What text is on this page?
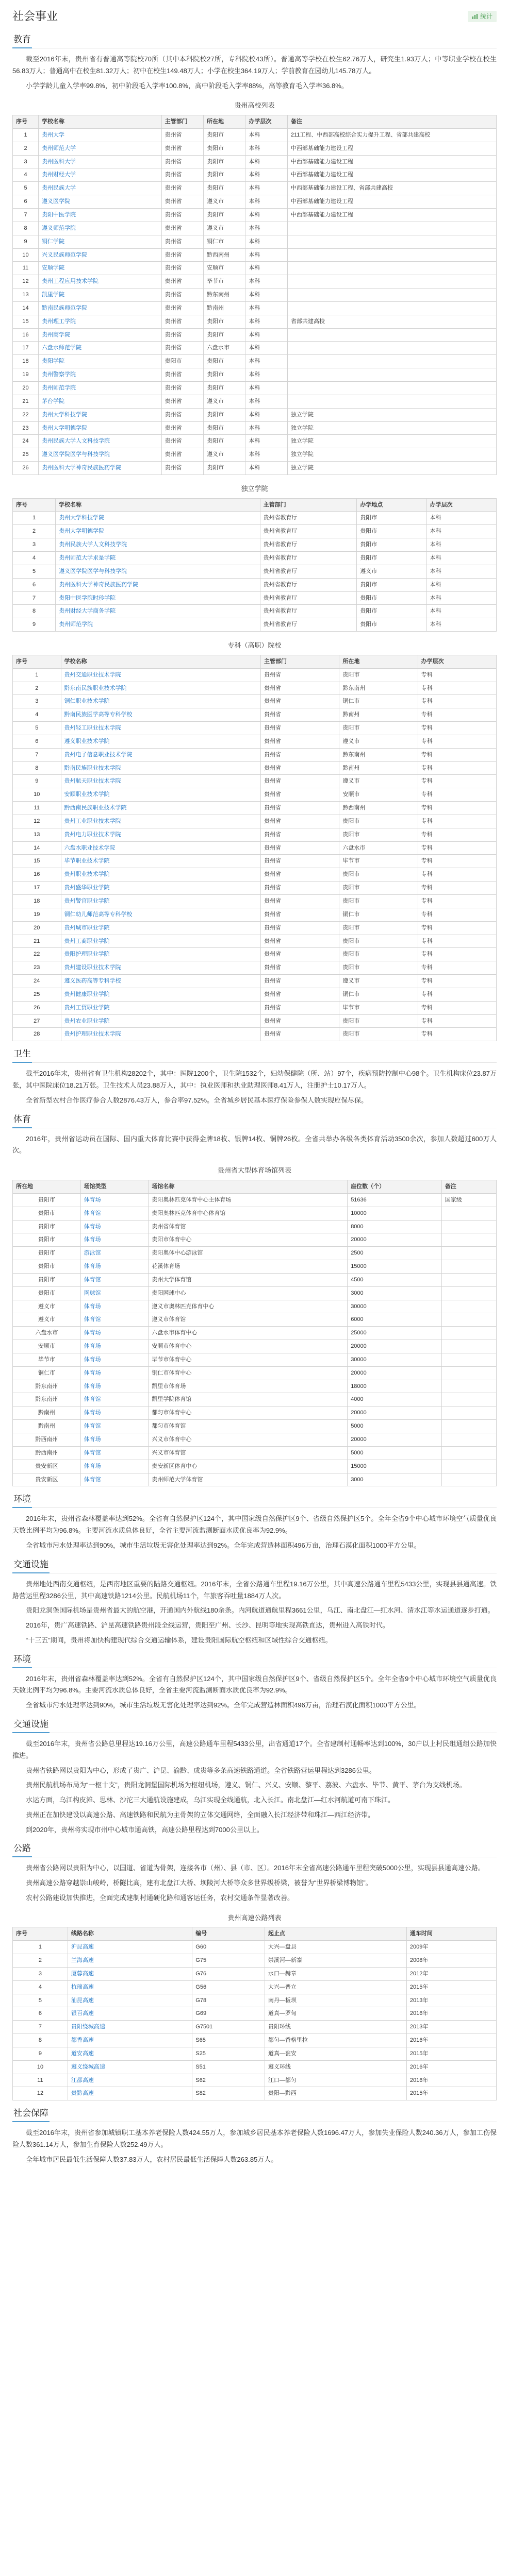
社会事业	统计
教育

截至2016年末，贵州省有普通高等院校70所（其中本科院校27所，专科院校43所）。普通高等学校在校生62.76万人，研究生1.93万人；中等职业学校在校生56.83万人；普通高中在校生81.32万人；初中在校生149.48万人；小学在校生364.19万人；学前教育在园幼儿145.78万人。

小学学龄儿童入学率99.8%，初中阶段毛入学率100.8%，高中阶段毛入学率88%，高等教育毛入学率36.8%。

贵州高校列表
序号	学校名称	主管部门	所在地	办学层次	备注
1	贵州大学	贵州省	贵阳市	本科	211工程、中西部高校综合实力提升工程、省部共建高校
2	贵州师范大学	贵州省	贵阳市	本科	中西部基础能力建设工程
3	贵州医科大学	贵州省	贵阳市	本科	中西部基础能力建设工程
4	贵州财经大学	贵州省	贵阳市	本科	中西部基础能力建设工程
5	贵州民族大学	贵州省	贵阳市	本科	中西部基础能力建设工程、省部共建高校
6	遵义医学院	贵州省	遵义市	本科	中西部基础能力建设工程
7	贵阳中医学院	贵州省	贵阳市	本科	中西部基础能力建设工程
8	遵义师范学院	贵州省	遵义市	本科	
9	铜仁学院	贵州省	铜仁市	本科	
10	兴义民族师范学院	贵州省	黔西南州	本科	
11	安顺学院	贵州省	安顺市	本科	
12	贵州工程应用技术学院	贵州省	毕节市	本科	
13	凯里学院	贵州省	黔东南州	本科	
14	黔南民族师范学院	贵州省	黔南州	本科	
15	贵州理工学院	贵州省	贵阳市	本科	省部共建高校
16	贵州商学院	贵州省	贵阳市	本科	
17	六盘水师范学院	贵州省	六盘水市	本科	
18	贵阳学院	贵阳市	贵阳市	本科	
19	贵州警察学院	贵州省	贵阳市	本科	
20	贵州师范学院	贵州省	贵阳市	本科	
21	茅台学院	贵州省	遵义市	本科	
22	贵州大学科技学院	贵州省	贵阳市	本科	独立学院
23	贵州大学明德学院	贵州省	贵阳市	本科	独立学院
24	贵州民族大学人文科技学院	贵州省	贵阳市	本科	独立学院
25	遵义医学院医学与科技学院	贵州省	遵义市	本科	独立学院
26	贵州医科大学神奇民族医药学院	贵州省	贵阳市	本科	独立学院
独立学院
序号	学校名称	主管部门	办学地点	办学层次
1	贵州大学科技学院	贵州省教育厅	贵阳市	本科
2	贵州大学明德学院	贵州省教育厅	贵阳市	本科
3	贵州民族大学人文科技学院	贵州省教育厅	贵阳市	本科
4	贵州师范大学求是学院	贵州省教育厅	贵阳市	本科
5	遵义医学院医学与科技学院	贵州省教育厅	遵义市	本科
6	贵州医科大学神奇民族医药学院	贵州省教育厅	贵阳市	本科
7	贵阳中医学院时珍学院	贵州省教育厅	贵阳市	本科
8	贵州财经大学商务学院	贵州省教育厅	贵阳市	本科
9	贵州师范学院	贵州省教育厅	贵阳市	本科
专科（高职）院校
序号	学校名称	主管部门	所在地	办学层次
1	贵州交通职业技术学院	贵州省	贵阳市	专科
2	黔东南民族职业技术学院	贵州省	黔东南州	专科
3	铜仁职业技术学院	贵州省	铜仁市	专科
4	黔南民族医学高等专科学校	贵州省	黔南州	专科
5	贵州轻工职业技术学院	贵州省	贵阳市	专科
6	遵义职业技术学院	贵州省	遵义市	专科
7	贵州电子信息职业技术学院	贵州省	黔东南州	专科
8	黔南民族职业技术学院	贵州省	黔南州	专科
9	贵州航天职业技术学院	贵州省	遵义市	专科
10	安顺职业技术学院	贵州省	安顺市	专科
11	黔西南民族职业技术学院	贵州省	黔西南州	专科
12	贵州工业职业技术学院	贵州省	贵阳市	专科
13	贵州电力职业技术学院	贵州省	贵阳市	专科
14	六盘水职业技术学院	贵州省	六盘水市	专科
15	毕节职业技术学院	贵州省	毕节市	专科
16	贵州职业技术学院	贵州省	贵阳市	专科
17	贵州盛华职业学院	贵州省	贵阳市	专科
18	贵州警官职业学院	贵州省	贵阳市	专科
19	铜仁幼儿师范高等专科学校	贵州省	铜仁市	专科
20	贵州城市职业学院	贵州省	贵阳市	专科
21	贵州工商职业学院	贵州省	贵阳市	专科
22	贵阳护理职业学院	贵州省	贵阳市	专科
23	贵州建设职业技术学院	贵州省	贵阳市	专科
24	遵义医药高等专科学校	贵州省	遵义市	专科
25	贵州健康职业学院	贵州省	铜仁市	专科
26	贵州工贸职业学院	贵州省	毕节市	专科
27	贵州农业职业学院	贵州省	贵阳市	专科
28	贵州护理职业技术学院	贵州省	贵阳市	专科
卫生

截至2016年末，贵州省有卫生机构28202个，其中：医院1200个，卫生院1532个，妇幼保健院（所、站）97个，疾病预防控制中心98个。卫生机构床位23.87万张，其中医院床位18.21万张。卫生技术人员23.88万人，其中：执业医师和执业助理医师8.41万人，注册护士10.17万人。

全省新型农村合作医疗参合人数2876.43万人，参合率97.52%。全省城乡居民基本医疗保险参保人数实现应保尽保。

体育

2016年，贵州省运动员在国际、国内重大体育比赛中获得金牌18枚、银牌14枚、铜牌26枚。全省共举办各级各类体育活动3500余次，参加人数超过600万人次。

贵州省大型体育场馆列表
所在地	场馆类型	场馆名称	座位数（个）	备注
贵阳市	体育场	贵阳奥林匹克体育中心主体育场	51636	国家级
贵阳市	体育馆	贵阳奥林匹克体育中心体育馆	10000	
贵阳市	体育场	贵州省体育馆	8000	
贵阳市	体育场	贵阳市体育中心	20000	
贵阳市	游泳馆	贵阳奥体中心游泳馆	2500	
贵阳市	体育场	花溪体育场	15000	
贵阳市	体育馆	贵州大学体育馆	4500	
贵阳市	网球馆	贵阳网球中心	3000	
遵义市	体育场	遵义市奥林匹克体育中心	30000	
遵义市	体育馆	遵义市体育馆	6000	
六盘水市	体育场	六盘水市体育中心	25000	
安顺市	体育场	安顺市体育中心	20000	
毕节市	体育场	毕节市体育中心	30000	
铜仁市	体育场	铜仁市体育中心	20000	
黔东南州	体育场	凯里市体育场	18000	
黔东南州	体育馆	凯里学院体育馆	4000	
黔南州	体育场	都匀市体育中心	20000	
黔南州	体育馆	都匀市体育馆	5000	
黔西南州	体育场	兴义市体育中心	20000	
黔西南州	体育馆	兴义市体育馆	5000	
贵安新区	体育场	贵安新区体育中心	15000	
贵安新区	体育馆	贵州师范大学体育馆	3000	
环境

2016年末，贵州省森林覆盖率达到52%。全省有自然保护区124个，其中国家级自然保护区9个、省级自然保护区5个。全年全省9个中心城市环境空气质量优良天数比例平均为96.8%。主要河流水质总体良好，全省主要河流监测断面水质优良率为92.9%。

全省城市污水处理率达到90%，城市生活垃圾无害化处理率达到92%。全年完成营造林面积496万亩，治理石漠化面积1000平方公里。

交通设施

贵州地处西南交通枢纽，是西南地区重要的陆路交通枢纽。2016年末，全省公路通车里程19.16万公里，其中高速公路通车里程5433公里，实现县县通高速。铁路营运里程3286公里，其中高速铁路1214公里。民航机场11个，年旅客吞吐量1884万人次。

贵阳龙洞堡国际机场是贵州省最大的航空港，开通国内外航线180余条。内河航道通航里程3661公里，乌江、南北盘江—红水河、清水江等水运通道逐步打通。

2016年，贵广高速铁路、沪昆高速铁路贵州段全线运营，贵阳至广州、长沙、昆明等地实现高铁直达，贵州进入高铁时代。

“十三五”期间，贵州将加快构建现代综合交通运输体系，建设贵阳国际航空枢纽和区域性综合交通枢纽。

环境

2016年末，贵州省森林覆盖率达到52%。全省有自然保护区124个，其中国家级自然保护区9个、省级自然保护区5个。全年全省9个中心城市环境空气质量优良天数比例平均为96.8%。主要河流水质总体良好，全省主要河流监测断面水质优良率为92.9%。

全省城市污水处理率达到90%，城市生活垃圾无害化处理率达到92%。全年完成营造林面积496万亩，治理石漠化面积1000平方公里。

交通设施

截至2016年末，贵州省公路总里程达19.16万公里，高速公路通车里程5433公里，出省通道17个。全省建制村通畅率达到100%，30户以上村民组通组公路加快推进。

贵州省铁路网以贵阳为中心，形成了贵广、沪昆、渝黔、成贵等多条高速铁路通道。全省铁路营运里程达到3286公里。

贵州民航机场布局为“一枢十支”，贵阳龙洞堡国际机场为枢纽机场，遵义、铜仁、兴义、安顺、黎平、荔波、六盘水、毕节、黄平、茅台为支线机场。

水运方面，乌江构皮滩、思林、沙沱三大通航设施建成，乌江实现全线通航，北入长江。南北盘江—红水河航道可南下珠江。

贵州正在加快建设以高速公路、高速铁路和民航为主骨架的立体交通网络，全面融入长江经济带和珠江—西江经济带。

到2020年，贵州将实现市州中心城市通高铁，高速公路里程达到7000公里以上。

公路

贵州省公路网以贵阳为中心，以国道、省道为骨架，连接各市（州）、县（市、区）。2016年末全省高速公路通车里程突破5000公里，实现县县通高速公路。

贵州高速公路穿越崇山峻岭，桥隧比高，建有北盘江大桥、坝陵河大桥等众多世界级桥梁，被誉为“世界桥梁博物馆”。

农村公路建设加快推进，全面完成建制村通硬化路和通客运任务，农村交通条件显著改善。

贵州高速公路列表
序号	线路名称	编号	起止点	通车时间
1	沪昆高速	G60	大兴—盘县	2009年
2	兰海高速	G75	崇溪河—新寨	2008年
3	厦蓉高速	G76	水口—赫章	2012年
4	杭瑞高速	G56	大兴—普立	2015年
5	汕昆高速	G78	南丹—板坝	2013年
6	银百高速	G69	道真—罗甸	2016年
7	贵阳绕城高速	G7501	贵阳环线	2013年
8	都香高速	S65	都匀—香格里拉	2016年
9	道安高速	S25	道真—瓮安	2015年
10	遵义绕城高速	S51	遵义环线	2016年
11	江都高速	S62	江口—都匀	2016年
12	贵黔高速	S82	贵阳—黔西	2015年
社会保障

截至2016年末，贵州省参加城镇职工基本养老保险人数424.55万人，参加城乡居民基本养老保险人数1696.47万人，参加失业保险人数240.36万人，参加工伤保险人数361.14万人，参加生育保险人数252.49万人。

全年城市居民最低生活保障人数37.83万人，农村居民最低生活保障人数263.85万人。
